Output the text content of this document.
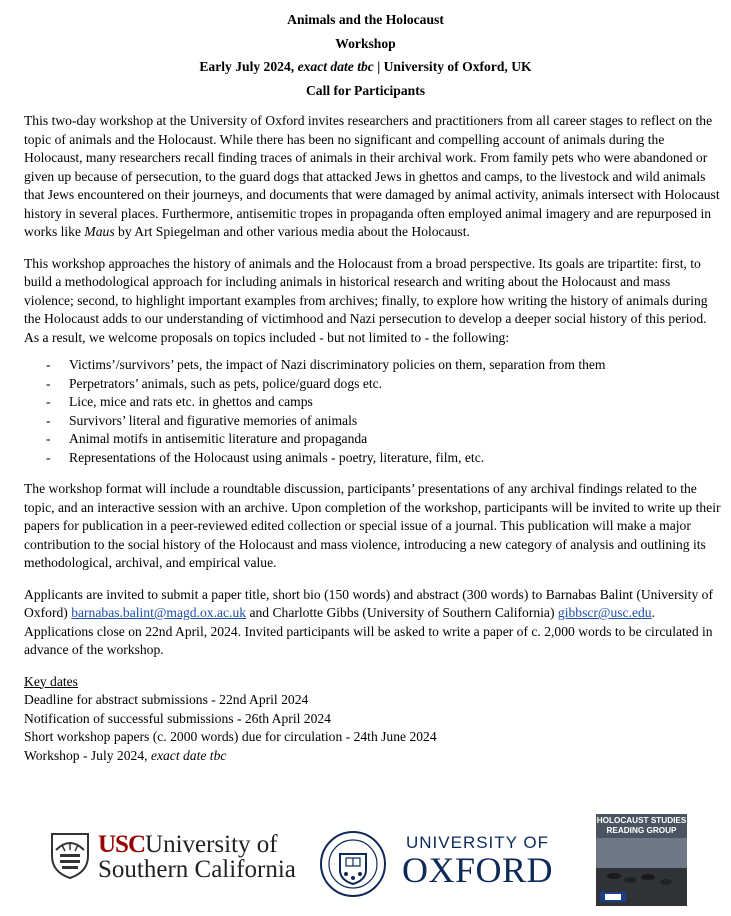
Animals and the Holocaust
Workshop
Early July 2024, exact date tbc | University of Oxford, UK
Call for Participants

This two-day workshop at the University of Oxford invites researchers and practitioners from all career stages to reflect on the topic of animals and the Holocaust. While there has been no significant and compelling account of animals during the Holocaust, many researchers recall finding traces of animals in their archival work. From family pets who were abandoned or given up because of persecution, to the guard dogs that attacked Jews in ghettos and camps, to the livestock and wild animals that Jews encountered on their journeys, and documents that were damaged by animal activity, animals intersect with Holocaust history in several places. Furthermore, antisemitic tropes in propaganda often employed animal imagery and are repurposed in works like Maus by Art Spiegelman and other various media about the Holocaust.

This workshop approaches the history of animals and the Holocaust from a broad perspective. Its goals are tripartite: first, to build a methodological approach for including animals in historical research and writing about the Holocaust and mass violence; second, to highlight important examples from archives; finally, to explore how writing the history of animals during the Holocaust adds to our understanding of victimhood and Nazi persecution to develop a deeper social history of this period. As a result, we welcome proposals on topics included - but not limited to - the following:

- Victims’/survivors’ pets, the impact of Nazi discriminatory policies on them, separation from them
- Perpetrators’ animals, such as pets, police/guard dogs etc.
- Lice, mice and rats etc. in ghettos and camps
- Survivors’ literal and figurative memories of animals
- Animal motifs in antisemitic literature and propaganda
- Representations of the Holocaust using animals - poetry, literature, film, etc.

The workshop format will include a roundtable discussion, participants’ presentations of any archival findings related to the topic, and an interactive session with an archive. Upon completion of the workshop, participants will be invited to write up their papers for publication in a peer-reviewed edited collection or special issue of a journal. This publication will make a major contribution to the social history of the Holocaust and mass violence, introducing a new category of analysis and outlining its methodological, archival, and empirical value.

Applicants are invited to submit a paper title, short bio (150 words) and abstract (300 words) to Barnabas Balint (University of Oxford) barnabas.balint@magd.ox.ac.uk and Charlotte Gibbs (University of Southern California) gibbscr@usc.edu. Applications close on 22nd April, 2024. Invited participants will be asked to write a paper of c. 2,000 words to be circulated in advance of the workshop.

Key dates
Deadline for abstract submissions - 22nd April 2024
Notification of successful submissions - 26th April 2024
Short workshop papers (c. 2000 words) due for circulation - 24th June 2024
Workshop - July 2024, exact date tbc
USCUniversity of
Southern California
UNIVERSITY OF
OXFORD
HOLOCAUST STUDIES
READING GROUP
